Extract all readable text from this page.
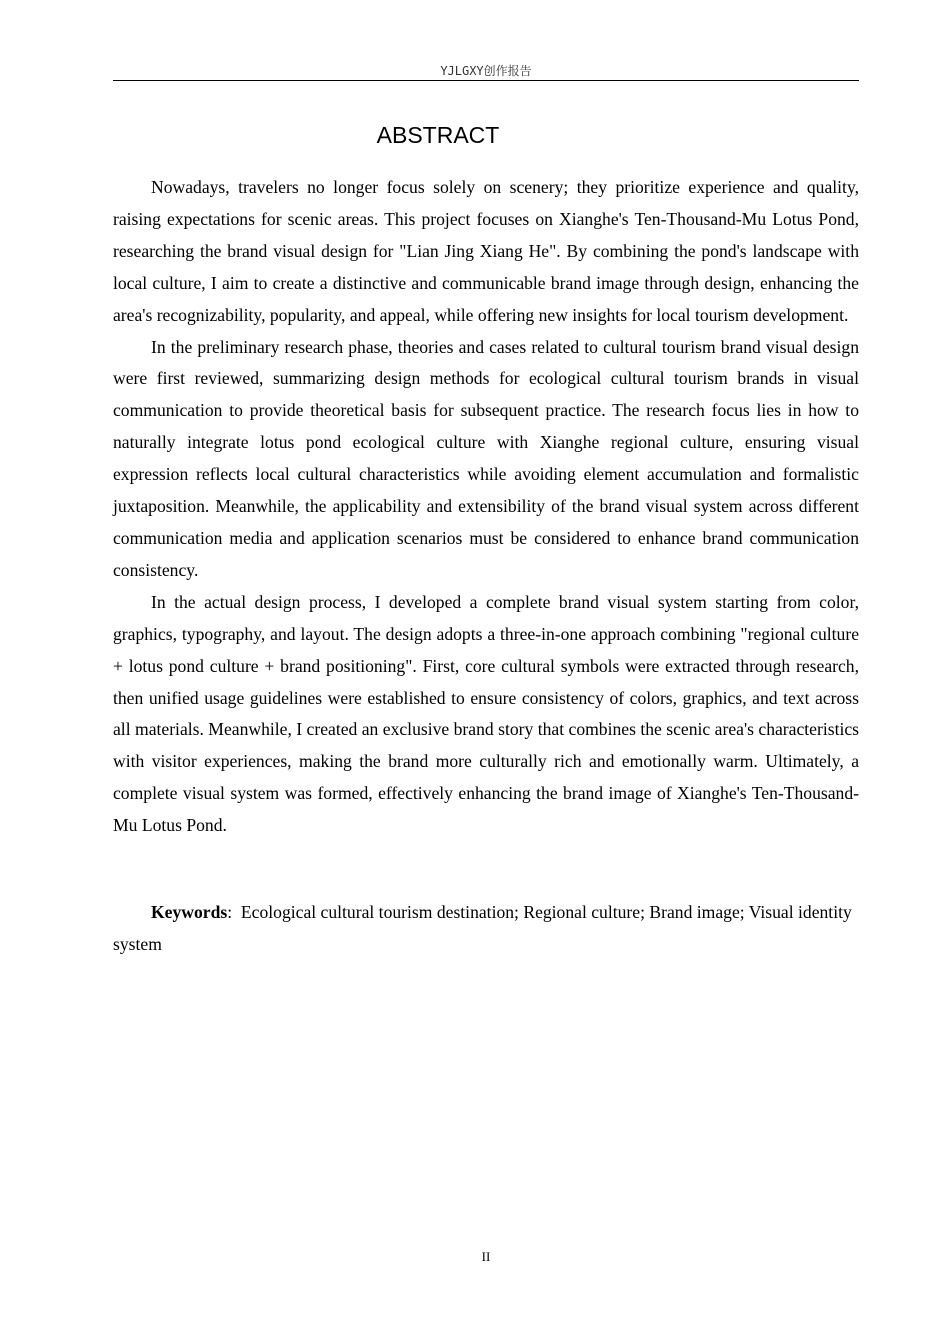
YJLGXY创作报告
ABSTRACT

Nowadays, travelers no longer focus solely on scenery; they prioritize experience and quality, raising expectations for scenic areas. This project focuses on Xianghe's Ten-Thousand-Mu Lotus Pond, researching the brand visual design for "Lian Jing Xiang He". By combining the pond's landscape with local culture, I aim to create a distinctive and communicable brand image through design, enhancing the area's recognizability, popularity, and appeal, while offering new insights for local tourism development.

In the preliminary research phase, theories and cases related to cultural tourism brand visual design were first reviewed, summarizing design methods for ecological cultural tourism brands in visual communication to provide theoretical basis for subsequent practice. The research focus lies in how to naturally integrate lotus pond ecological culture with Xianghe regional culture, ensuring visual expression reflects local cultural characteristics while avoiding element accumulation and formalistic juxtaposition. Meanwhile, the applicability and extensibility of the brand visual system across different communication media and application scenarios must be considered to enhance brand communication consistency.

In the actual design process, I developed a complete brand visual system starting from color, graphics, typography, and layout. The design adopts a three-in-one approach combining "regional culture + lotus pond culture + brand positioning". First, core cultural symbols were extracted through research, then unified usage guidelines were established to ensure consistency of colors, graphics, and text across all materials. Meanwhile, I created an exclusive brand story that combines the scenic area's characteristics with visitor experiences, making the brand more culturally rich and emotionally warm. Ultimately, a complete visual system was formed, effectively enhancing the brand image of Xianghe's Ten-Thousand-Mu Lotus Pond.

Keywords:  Ecological cultural tourism destination; Regional culture; Brand image; Visual identity system

II
